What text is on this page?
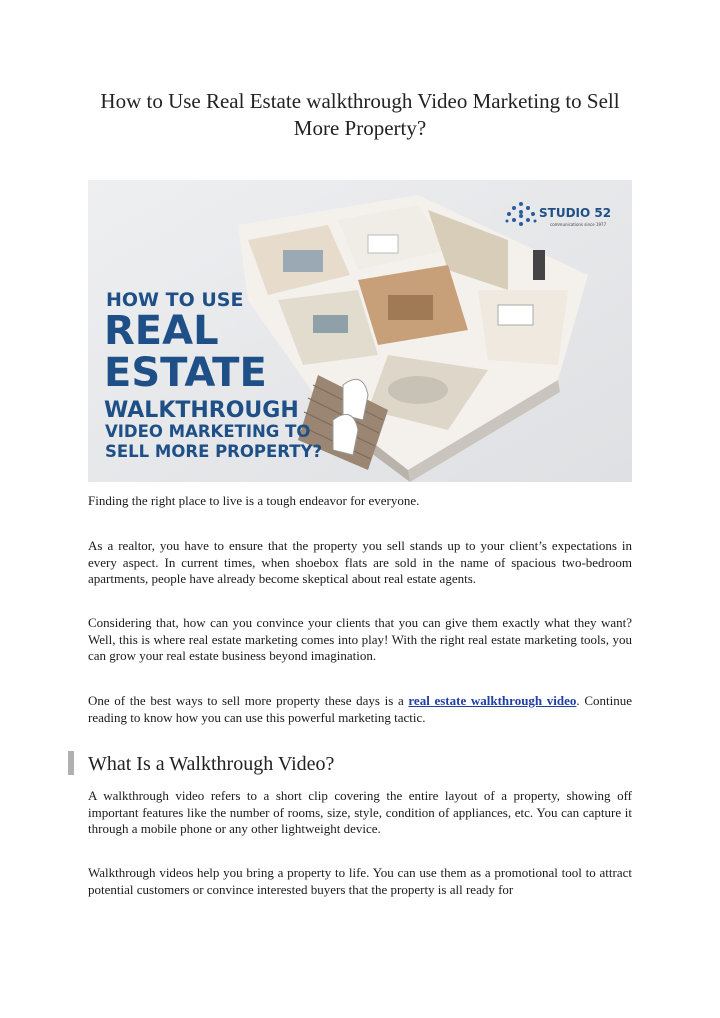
How to Use Real Estate walkthrough Video Marketing to Sell
More Property?
STUDIO 52
communications since 1977
HOW TO USE
REAL
ESTATE
WALKTHROUGH
VIDEO MARKETING TO
SELL MORE PROPERTY?

Finding the right place to live is a tough endeavor for everyone.

As a realtor, you have to ensure that the property you sell stands up to your client’s expectations in every aspect. In current times, when shoebox flats are sold in the name of spacious two-bedroom apartments, people have already become skeptical about real estate agents.

Considering that, how can you convince your clients that you can give them exactly what they want? Well, this is where real estate marketing comes into play! With the right real estate marketing tools, you can grow your real estate business beyond imagination.

One of the best ways to sell more property these days is a real estate walkthrough video. Continue reading to know how you can use this powerful marketing tactic.

What Is a Walkthrough Video?

A walkthrough video refers to a short clip covering the entire layout of a property, showing off important features like the number of rooms, size, style, condition of appliances, etc. You can capture it through a mobile phone or any other lightweight device.

Walkthrough videos help you bring a property to life. You can use them as a promotional tool to attract potential customers or convince interested buyers that the property is all ready for
